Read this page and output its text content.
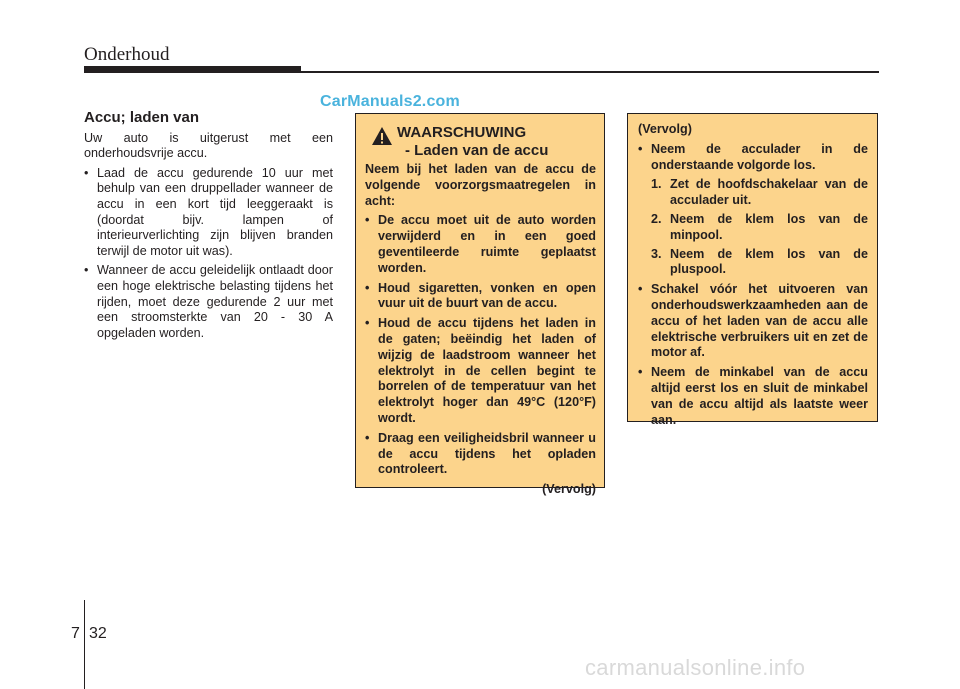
Onderhoud
CarManuals2.com
Accu; laden van
Uw auto is uitgerust met een onderhoudsvrije accu.
• Laad de accu gedurende 10 uur met behulp van een druppellader wanneer de accu in een kort tijd leeggeraakt is (doordat bijv. lampen of interieurverlichting zijn blijven branden terwijl de motor uit was).
• Wanneer de accu geleidelijk ontlaadt door een hoge elektrische belasting tijdens het rijden, moet deze gedurende 2 uur met een stroomsterkte van 20 - 30 A opgeladen worden.
WAARSCHUWING
- Laden van de accu
Neem bij het laden van de accu de volgende voorzorgsmaatregelen in acht:
• De accu moet uit de auto worden verwijderd en in een goed geventileerde ruimte geplaatst worden.
• Houd sigaretten, vonken en open vuur uit de buurt van de accu.
• Houd de accu tijdens het laden in de gaten; beëindig het laden of wijzig de laadstroom wanneer het elektrolyt in de cellen begint te borrelen of de temperatuur van het elektrolyt hoger dan 49°C (120°F) wordt.
• Draag een veiligheidsbril wanneer u de accu tijdens het opladen controleert.
(Vervolg)
(Vervolg)
• Neem de acculader in de onderstaande volgorde los.
1. Zet de hoofdschakelaar van de acculader uit.
2. Neem de klem los van de minpool.
3. Neem de klem los van de pluspool.
• Schakel vóór het uitvoeren van onderhoudswerkzaamheden aan de accu of het laden van de accu alle elektrische verbruikers uit en zet de motor af.
• Neem de minkabel van de accu altijd eerst los en sluit de minkabel van de accu altijd als laatste weer aan.
7 32
carmanualsonline.info
